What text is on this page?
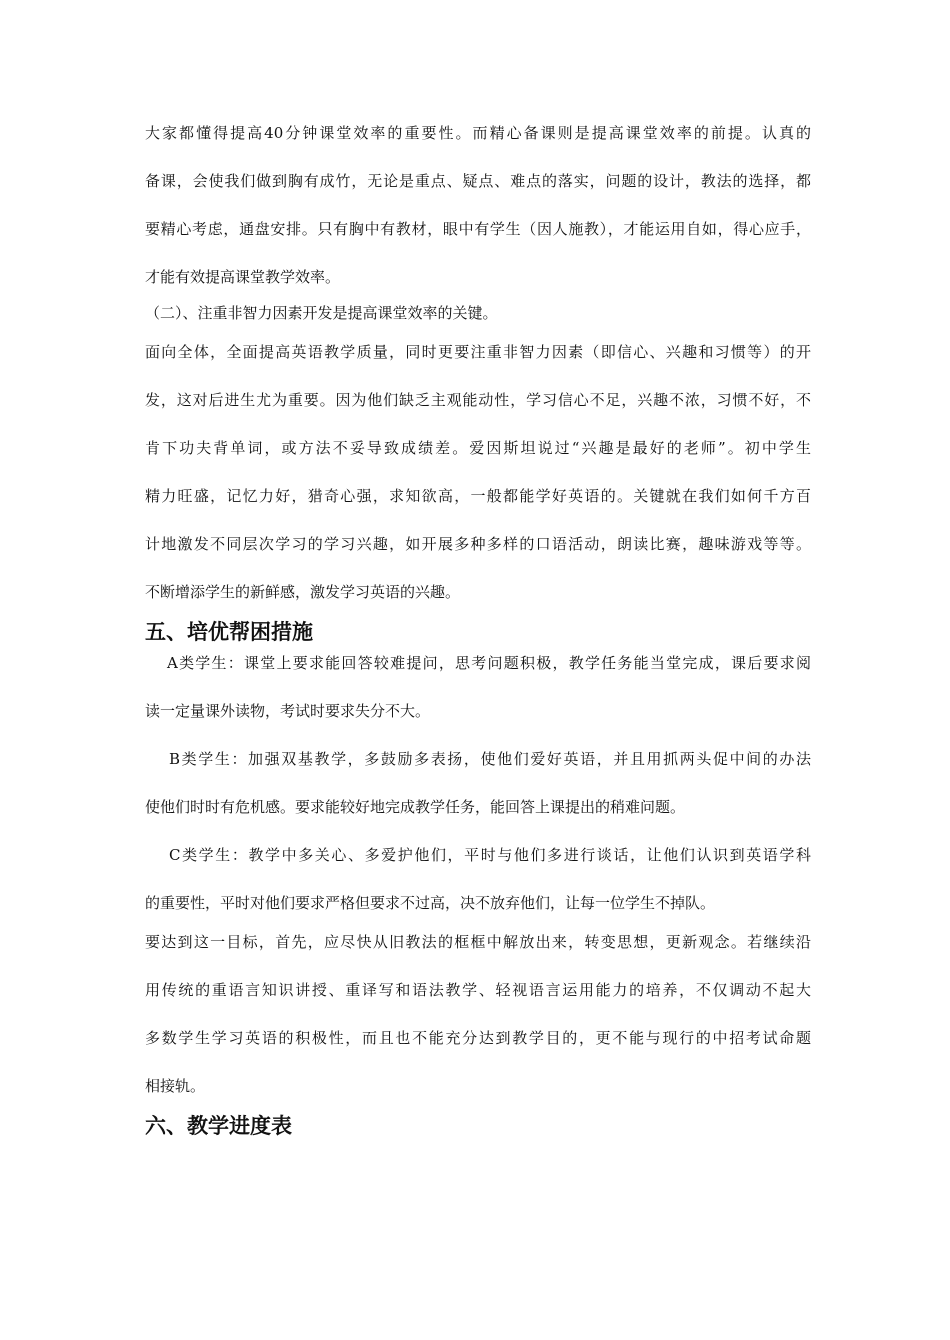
大家都懂得提高40分钟课堂效率的重要性。而精心备课则是提高课堂效率的前提。认真的

备课，会使我们做到胸有成竹，无论是重点、疑点、难点的落实，问题的设计，教法的选择，都

要精心考虑，通盘安排。只有胸中有教材，眼中有学生（因人施教），才能运用自如，得心应手，

才能有效提高课堂教学效率。

（二）、注重非智力因素开发是提高课堂效率的关键。

面向全体，全面提高英语教学质量，同时更要注重非智力因素（即信心、兴趣和习惯等）的开

发，这对后进生尤为重要。因为他们缺乏主观能动性，学习信心不足，兴趣不浓，习惯不好，不

肯下功夫背单词，或方法不妥导致成绩差。爱因斯坦说过“兴趣是最好的老师”。初中学生

精力旺盛，记忆力好，猎奇心强，求知欲高，一般都能学好英语的。关键就在我们如何千方百

计地激发不同层次学习的学习兴趣，如开展多种多样的口语活动，朗读比赛，趣味游戏等等。

不断增添学生的新鲜感，激发学习英语的兴趣。

五、培优帮困措施

A类学生：课堂上要求能回答较难提问，思考问题积极，教学任务能当堂完成，课后要求阅

读一定量课外读物，考试时要求失分不大。

B类学生：加强双基教学，多鼓励多表扬，使他们爱好英语，并且用抓两头促中间的办法

使他们时时有危机感。要求能较好地完成教学任务，能回答上课提出的稍难问题。

C类学生：教学中多关心、多爱护他们，平时与他们多进行谈话，让他们认识到英语学科

的重要性，平时对他们要求严格但要求不过高，决不放弃他们，让每一位学生不掉队。

要达到这一目标，首先，应尽快从旧教法的框框中解放出来，转变思想，更新观念。若继续沿

用传统的重语言知识讲授、重译写和语法教学、轻视语言运用能力的培养，不仅调动不起大

多数学生学习英语的积极性，而且也不能充分达到教学目的，更不能与现行的中招考试命题

相接轨。

六、教学进度表
